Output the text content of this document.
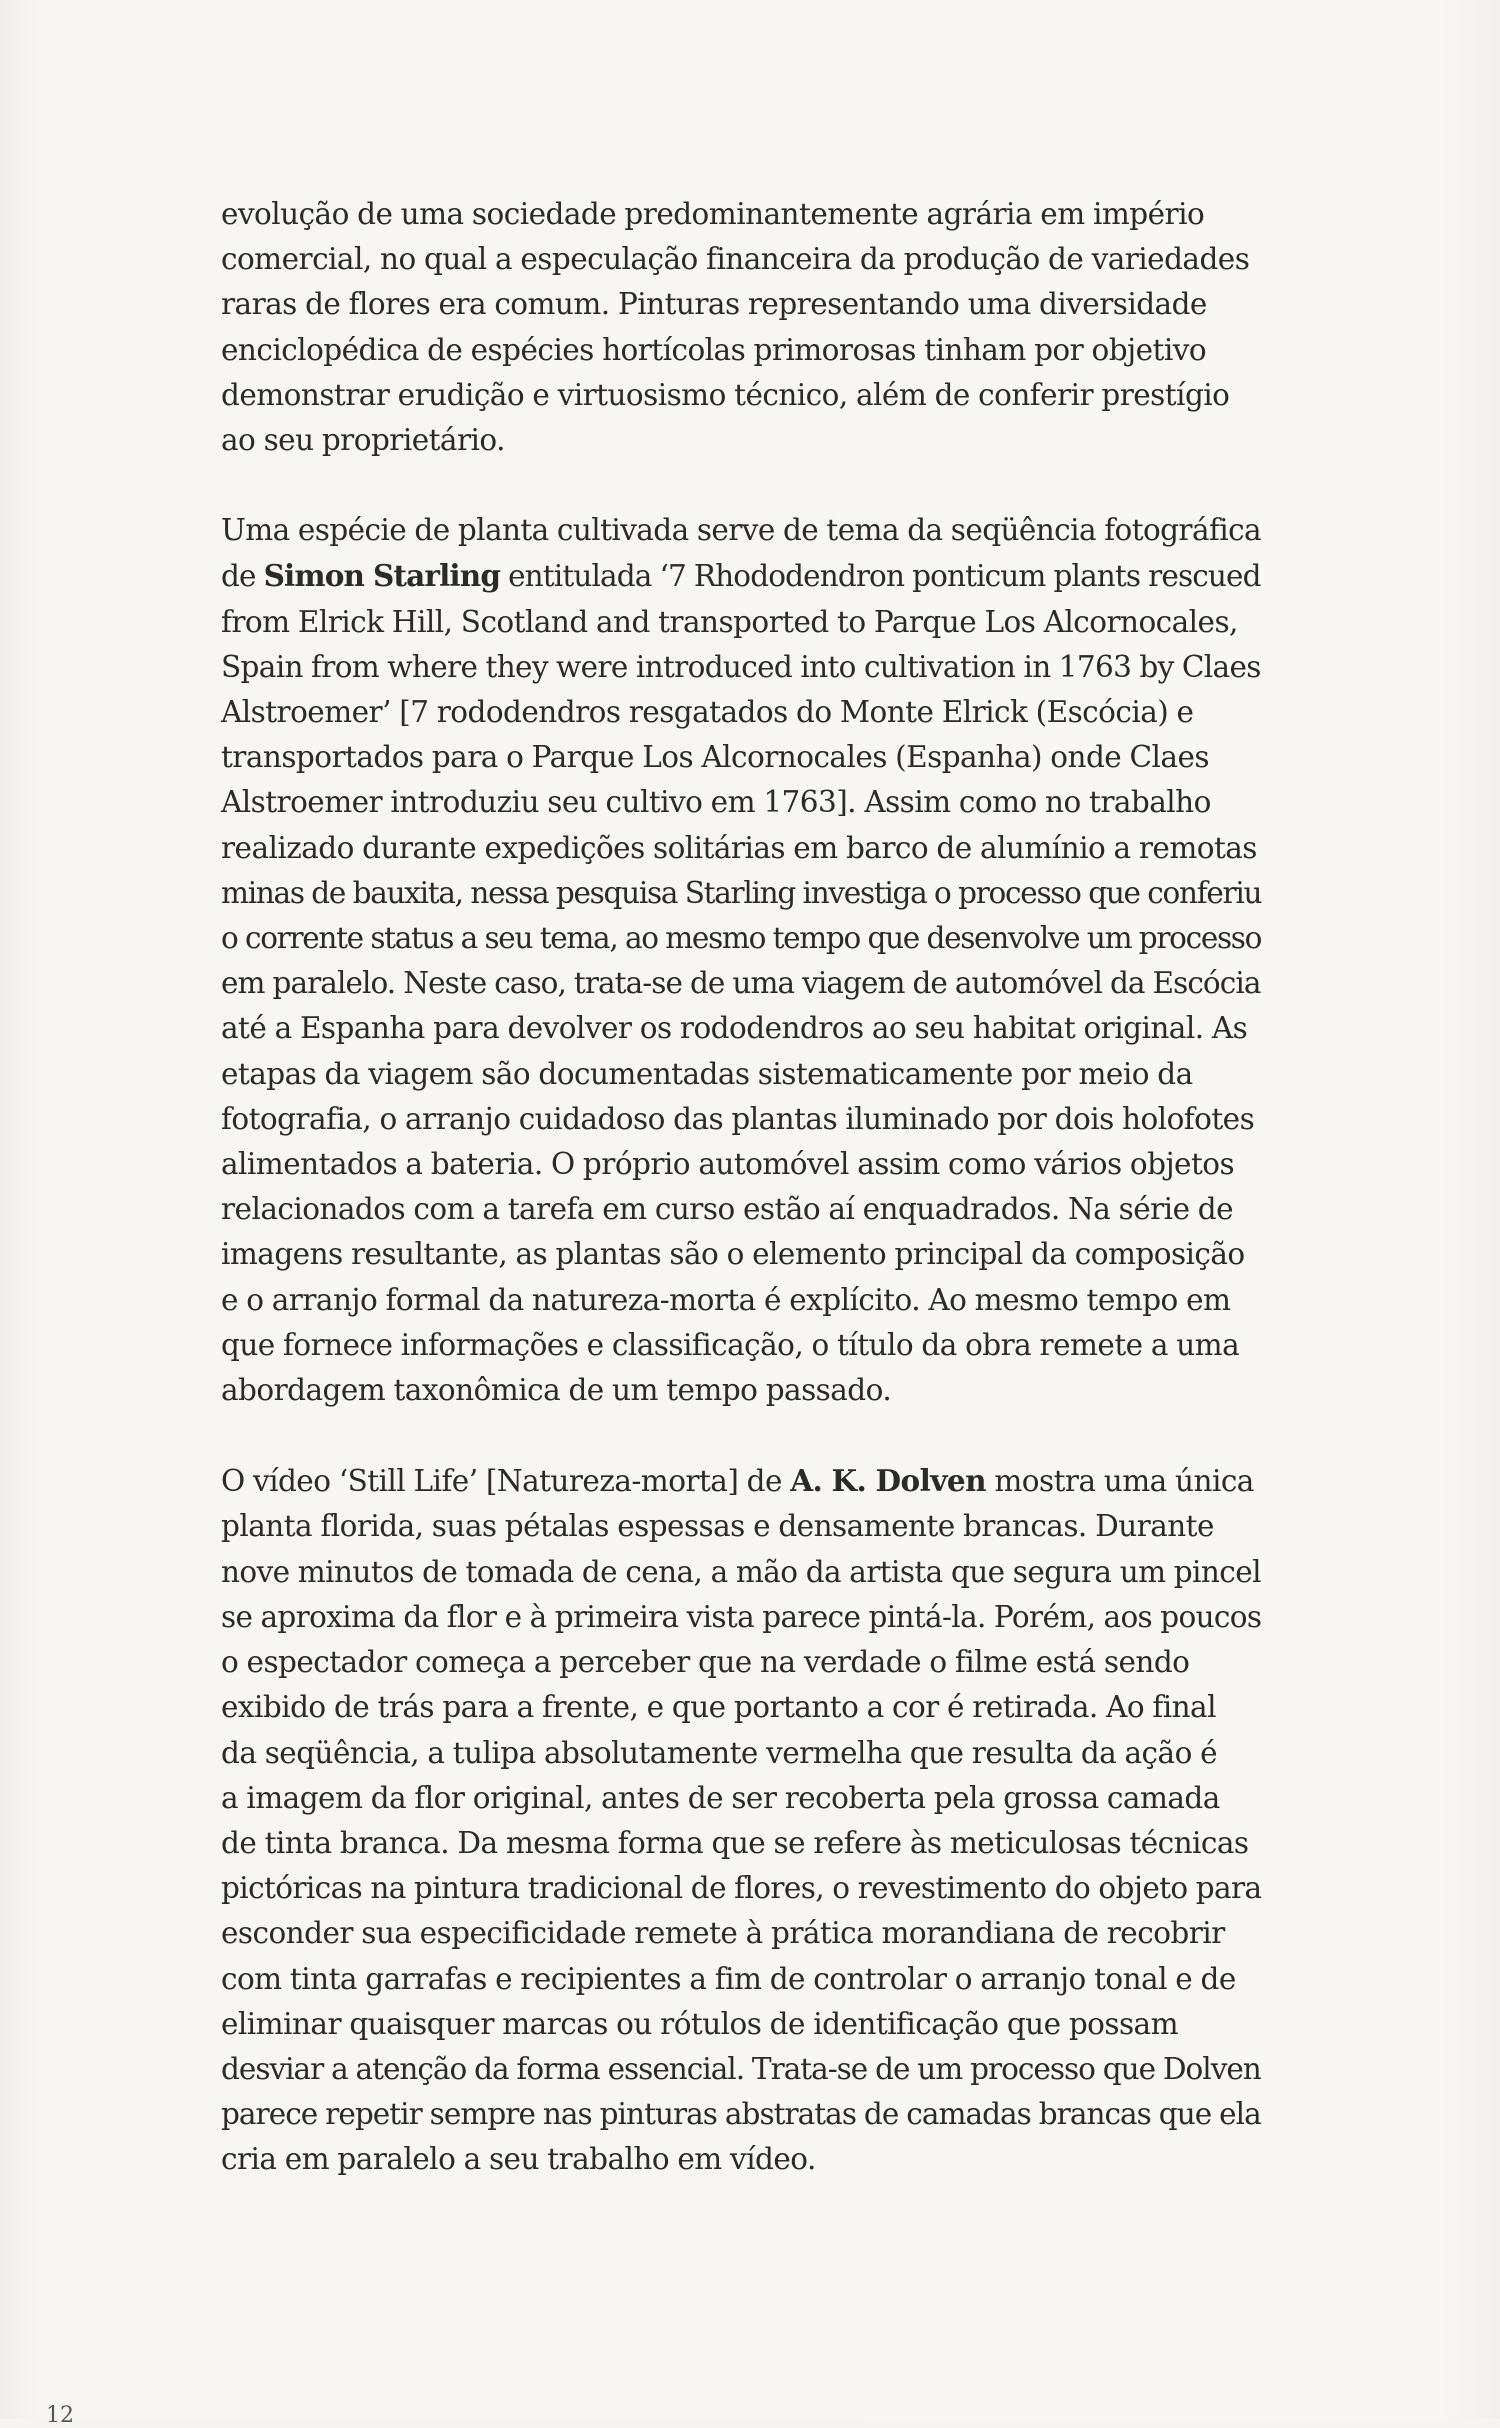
evolução de uma sociedade predominantemente agrária em império
comercial, no qual a especulação financeira da produção de variedades
raras de flores era comum. Pinturas representando uma diversidade
enciclopédica de espécies hortícolas primorosas tinham por objetivo
demonstrar erudição e virtuosismo técnico, além de conferir prestígio
ao seu proprietário.

Uma espécie de planta cultivada serve de tema da seqüência fotográfica
de Simon Starling entitulada ‘7 Rhododendron ponticum plants rescued
from Elrick Hill, Scotland and transported to Parque Los Alcornocales,
Spain from where they were introduced into cultivation in 1763 by Claes
Alstroemer’ [7 rododendros resgatados do Monte Elrick (Escócia) e
transportados para o Parque Los Alcornocales (Espanha) onde Claes
Alstroemer introduziu seu cultivo em 1763]. Assim como no trabalho
realizado durante expedições solitárias em barco de alumínio a remotas
minas de bauxita, nessa pesquisa Starling investiga o processo que conferiu
o corrente status a seu tema, ao mesmo tempo que desenvolve um processo
em paralelo. Neste caso, trata-se de uma viagem de automóvel da Escócia
até a Espanha para devolver os rododendros ao seu habitat original. As
etapas da viagem são documentadas sistematicamente por meio da
fotografia, o arranjo cuidadoso das plantas iluminado por dois holofotes
alimentados a bateria. O próprio automóvel assim como vários objetos
relacionados com a tarefa em curso estão aí enquadrados. Na série de
imagens resultante, as plantas são o elemento principal da composição
e o arranjo formal da natureza-morta é explícito. Ao mesmo tempo em
que fornece informações e classificação, o título da obra remete a uma
abordagem taxonômica de um tempo passado.

O vídeo ‘Still Life’ [Natureza-morta] de A. K. Dolven mostra uma única
planta florida, suas pétalas espessas e densamente brancas. Durante
nove minutos de tomada de cena, a mão da artista que segura um pincel
se aproxima da flor e à primeira vista parece pintá-la. Porém, aos poucos
o espectador começa a perceber que na verdade o filme está sendo
exibido de trás para a frente, e que portanto a cor é retirada. Ao final
da seqüência, a tulipa absolutamente vermelha que resulta da ação é
a imagem da flor original, antes de ser recoberta pela grossa camada
de tinta branca. Da mesma forma que se refere às meticulosas técnicas
pictóricas na pintura tradicional de flores, o revestimento do objeto para
esconder sua especificidade remete à prática morandiana de recobrir
com tinta garrafas e recipientes a fim de controlar o arranjo tonal e de
eliminar quaisquer marcas ou rótulos de identificação que possam
desviar a atenção da forma essencial. Trata-se de um processo que Dolven
parece repetir sempre nas pinturas abstratas de camadas brancas que ela
cria em paralelo a seu trabalho em vídeo.

12
